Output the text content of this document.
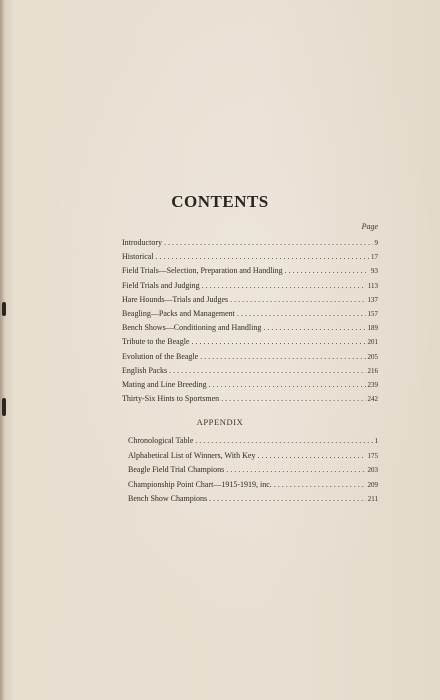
CONTENTS
Page
Introductory .....	9
Historical .....	17
Field Trials—Selection, Preparation and Handling .....	93
Field Trials and Judging .....	113
Hare Hounds—Trials and Judges .....	137
Beagling—Packs and Management .....	157
Bench Shows—Conditioning and Handling .....	189
Tribute to the Beagle .....	201
Evolution of the Beagle .....	205
English Packs .....	216
Mating and Line Breeding .....	239
Thirty-Six Hints to Sportsmen .....	242
APPENDIX
Chronological Table .....	1
Alphabetical List of Winners, With Key .....	175
Beagle Field Trial Champions .....	203
Championship Point Chart—1915-1919, inc. .....	209
Bench Show Champions .....	211
